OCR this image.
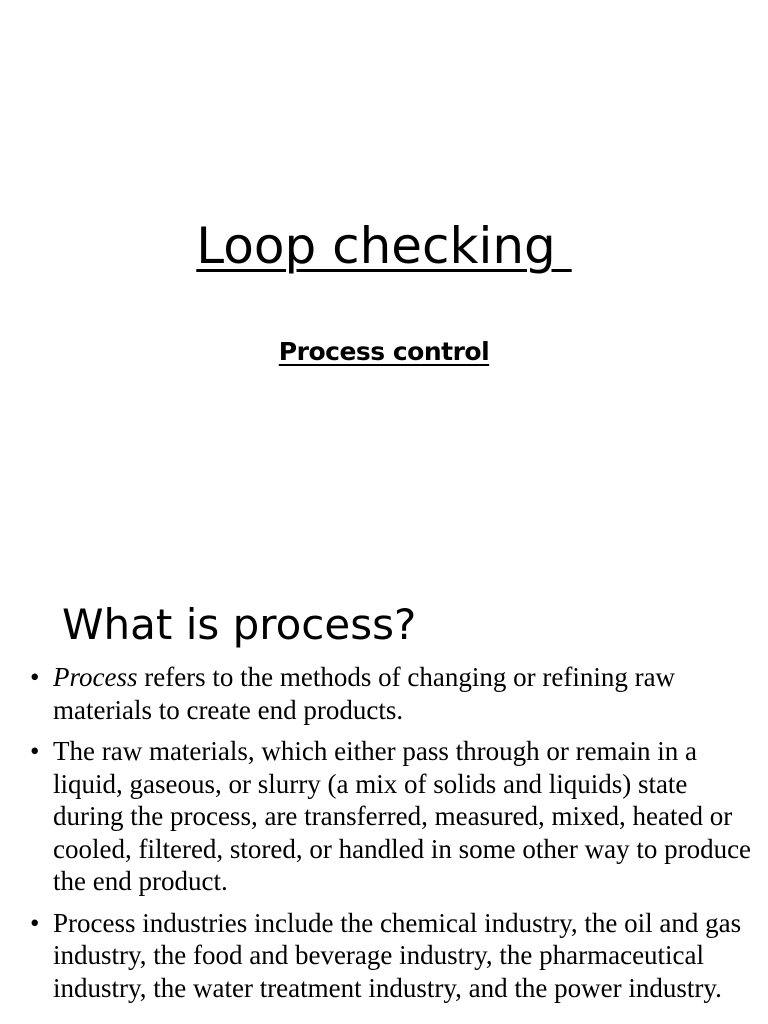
Loop checking
Process control
What is process?
• Process refers to the methods of changing or refining raw materials to create end products.
• The raw materials, which either pass through or remain in a liquid, gaseous, or slurry (a mix of solids and liquids) state during the process, are transferred, measured, mixed, heated or cooled, filtered, stored, or handled in some other way to produce the end product.
• Process industries include the chemical industry, the oil and gas industry, the food and beverage industry, the pharmaceutical industry, the water treatment industry, and the power industry.
